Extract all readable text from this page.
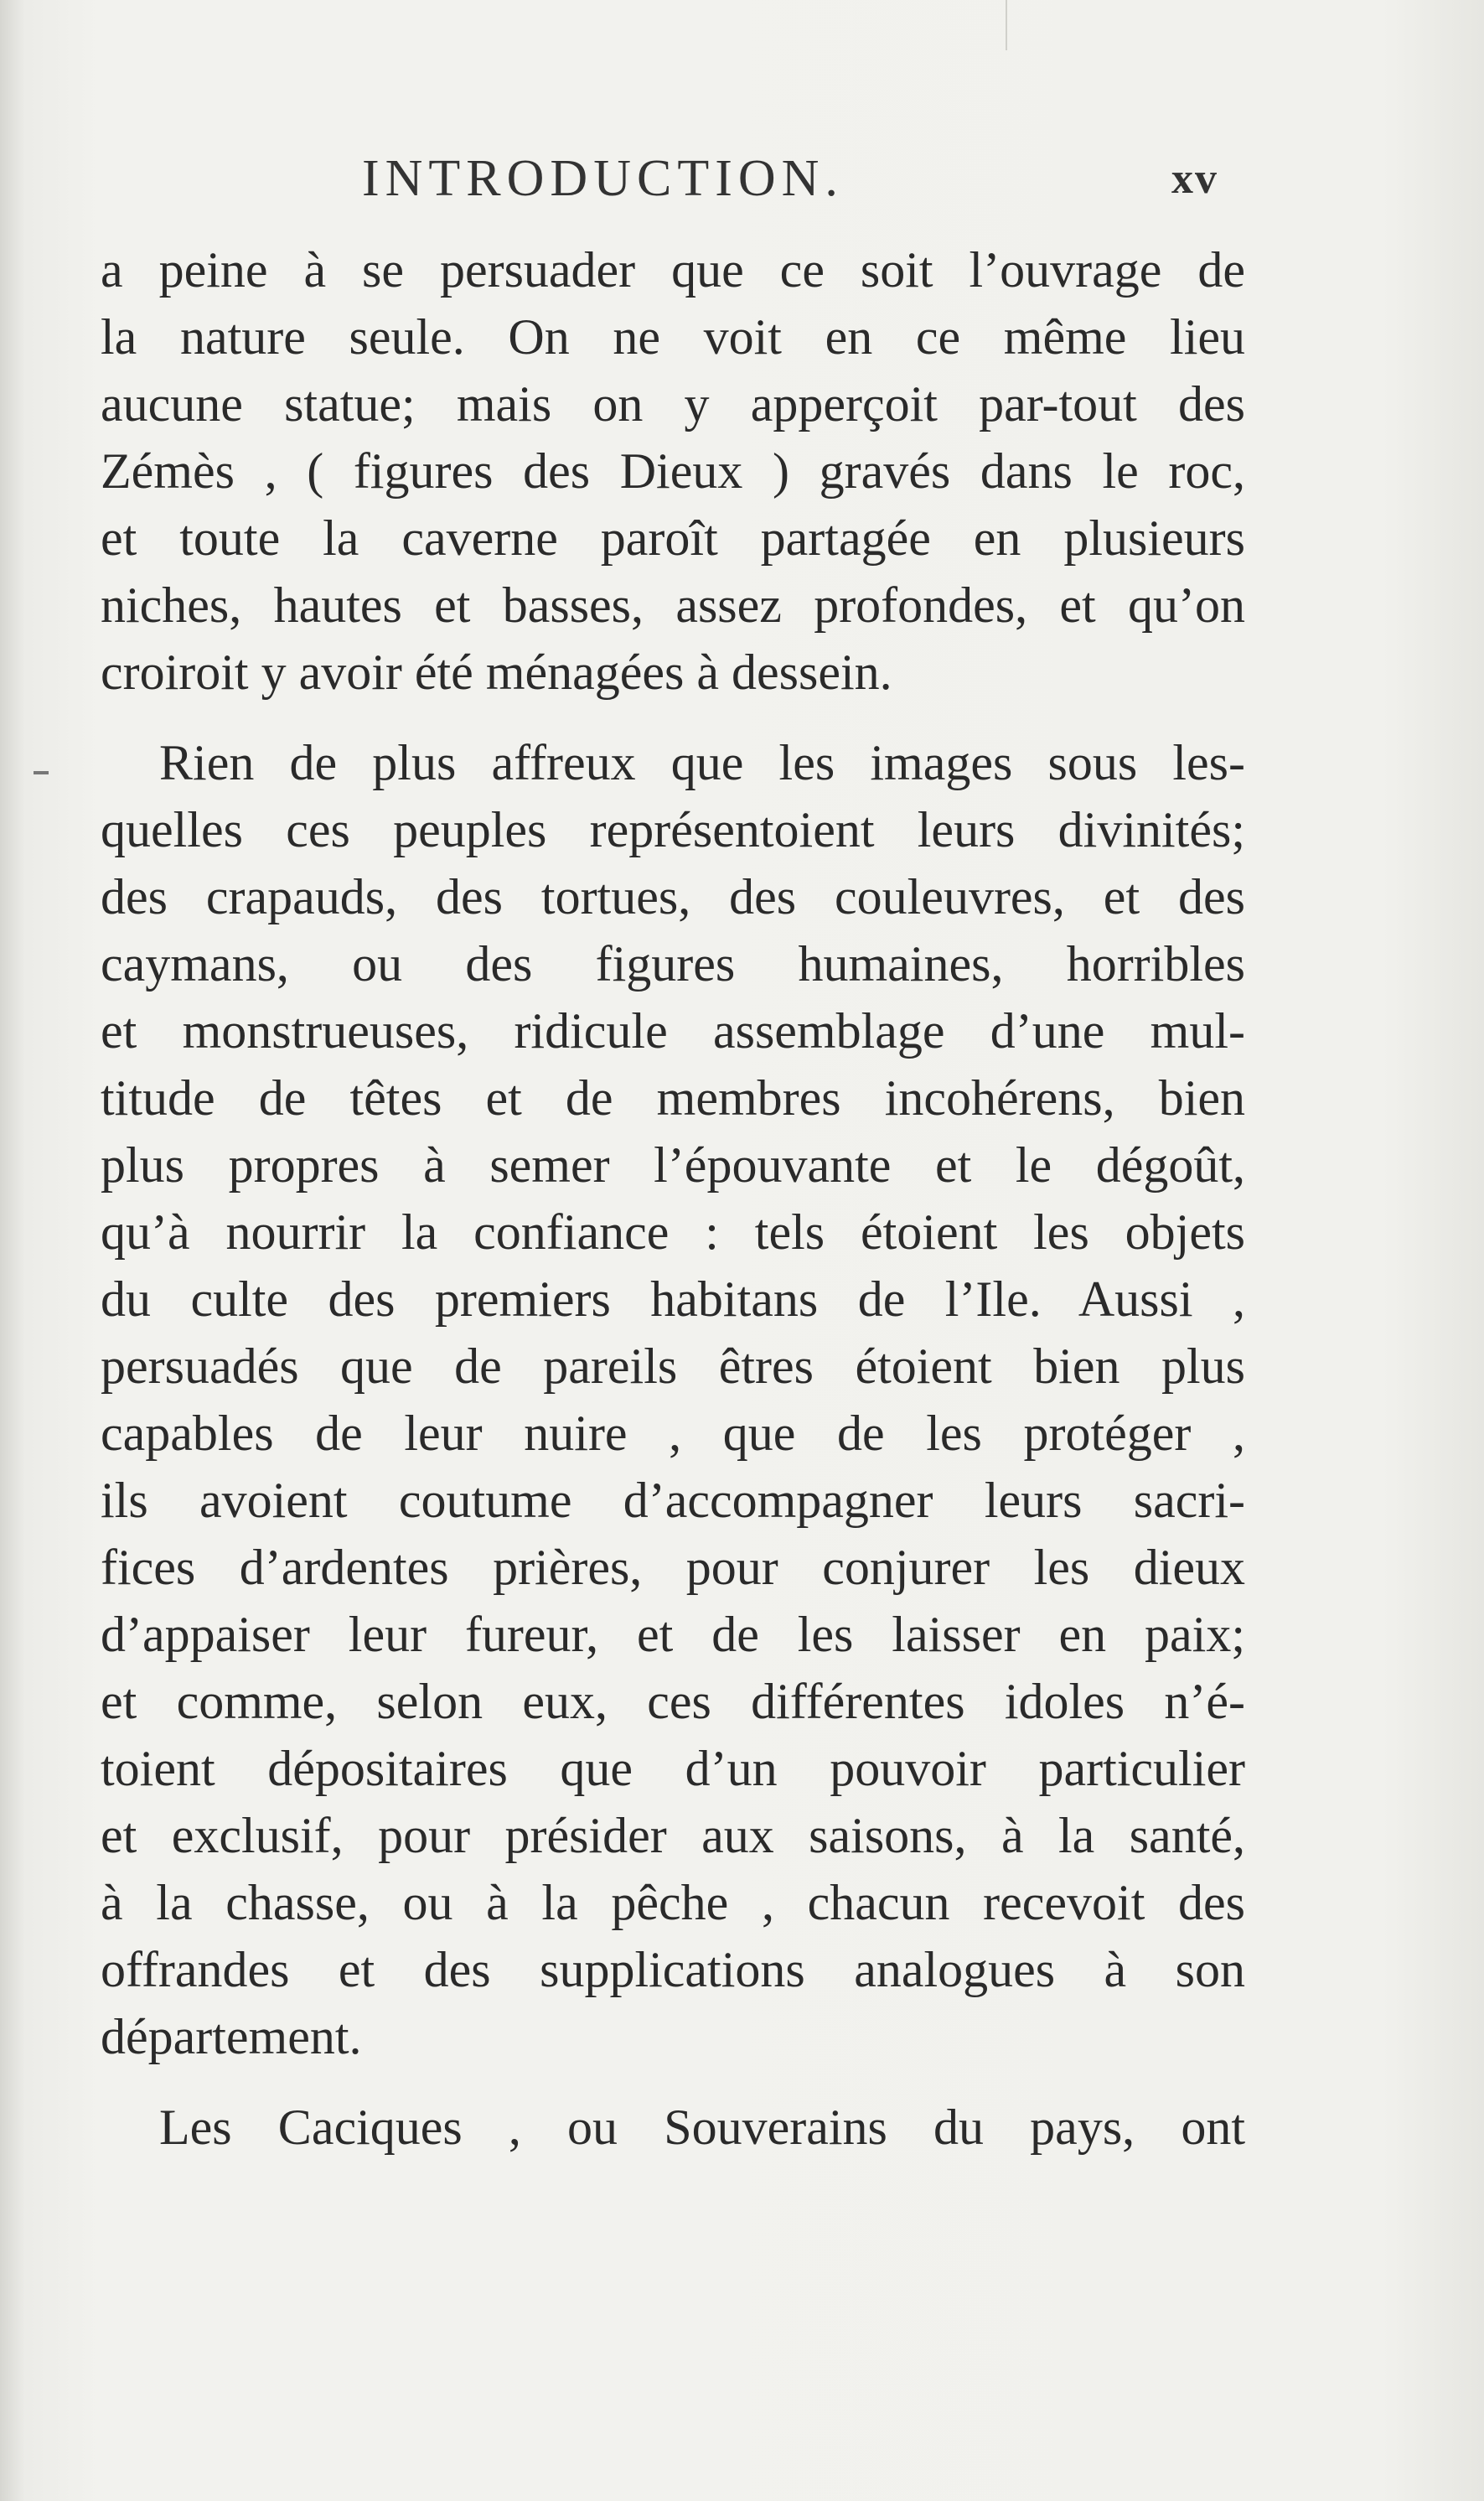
INTRODUCTION.	xv
a peine à se persuader que ce soit l’ouvrage de
la nature seule. On ne voit en ce même lieu
aucune statue; mais on y apperçoit par-tout des
Zémès , ( figures des Dieux ) gravés dans le roc,
et toute la caverne paroît partagée en plusieurs
niches, hautes et basses, assez profondes, et qu’on
croiroit y avoir été ménagées à dessein.
Rien de plus affreux que les images sous les-
quelles ces peuples représentoient leurs divinités;
des crapauds, des tortues, des couleuvres, et des
caymans, ou des figures humaines, horribles
et monstrueuses, ridicule assemblage d’une mul-
titude de têtes et de membres incohérens, bien
plus propres à semer l’épouvante et le dégoût,
qu’à nourrir la confiance : tels étoient les objets
du culte des premiers habitans de l’Ile. Aussi ,
persuadés que de pareils êtres étoient bien plus
capables de leur nuire , que de les protéger ,
ils avoient coutume d’accompagner leurs sacri-
fices d’ardentes prières, pour conjurer les dieux
d’appaiser leur fureur, et de les laisser en paix;
et comme, selon eux, ces différentes idoles n’é-
toient dépositaires que d’un pouvoir particulier
et exclusif, pour présider aux saisons, à la santé,
à la chasse, ou à la pêche , chacun recevoit des
offrandes et des supplications analogues à son
département.
Les Caciques , ou Souverains du pays, ont
